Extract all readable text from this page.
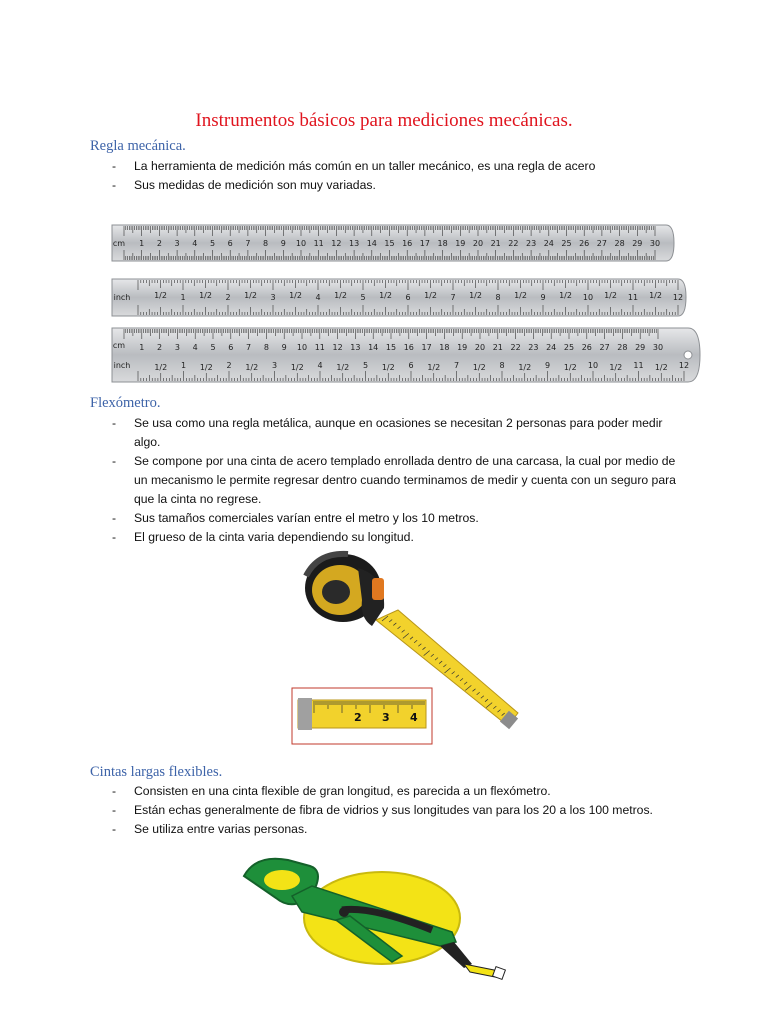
Instrumentos básicos para mediciones mecánicas.
Regla mecánica.
- La herramienta de medición más común en un taller mecánico, es una regla de acero
- Sus medidas de medición son muy variadas.
cm 1 2 3 4 5 6 7 8 9 10 11 12 13 14 15 16 17 18 19 20 21 22 23 24 25 26 27 28 29 30
inch	1
1/2	2
1/2	3
1/2	4
1/2	5
1/2	6
1/2	7
1/2	8
1/2	9
1/2	10
1/2	11
1/2	12
1/2
cm
inch
1 2 3 4 5 6 7 8 9 10 11 12 13 14 15 16 17 18 19 20 21 22 23 24 25 26 27 28 29 30
1
1/2	2
1/2	3
1/2	4
1/2	5
1/2	6
1/2	7
1/2	8
1/2	9
1/2	10
1/2	11
1/2	12
1/2
Flexómetro.
- Se usa como una regla metálica, aunque en ocasiones se necesitan 2 personas para poder medir algo.
- Se compone por una cinta de acero templado enrollada dentro de una carcasa, la cual por medio de un mecanismo le permite regresar dentro cuando terminamos de medir y cuenta con un seguro para que la cinta no regrese.
- Sus tamaños comerciales varían entre el metro y los 10 metros.
- El grueso de la cinta varia dependiendo su longitud.
2 3 4
Cintas largas flexibles.
- Consisten en una cinta flexible de gran longitud, es parecida a un flexómetro.
- Están echas generalmente de fibra de vidrios y sus longitudes van para los 20 a los 100 metros.
- Se utiliza entre varias personas.
